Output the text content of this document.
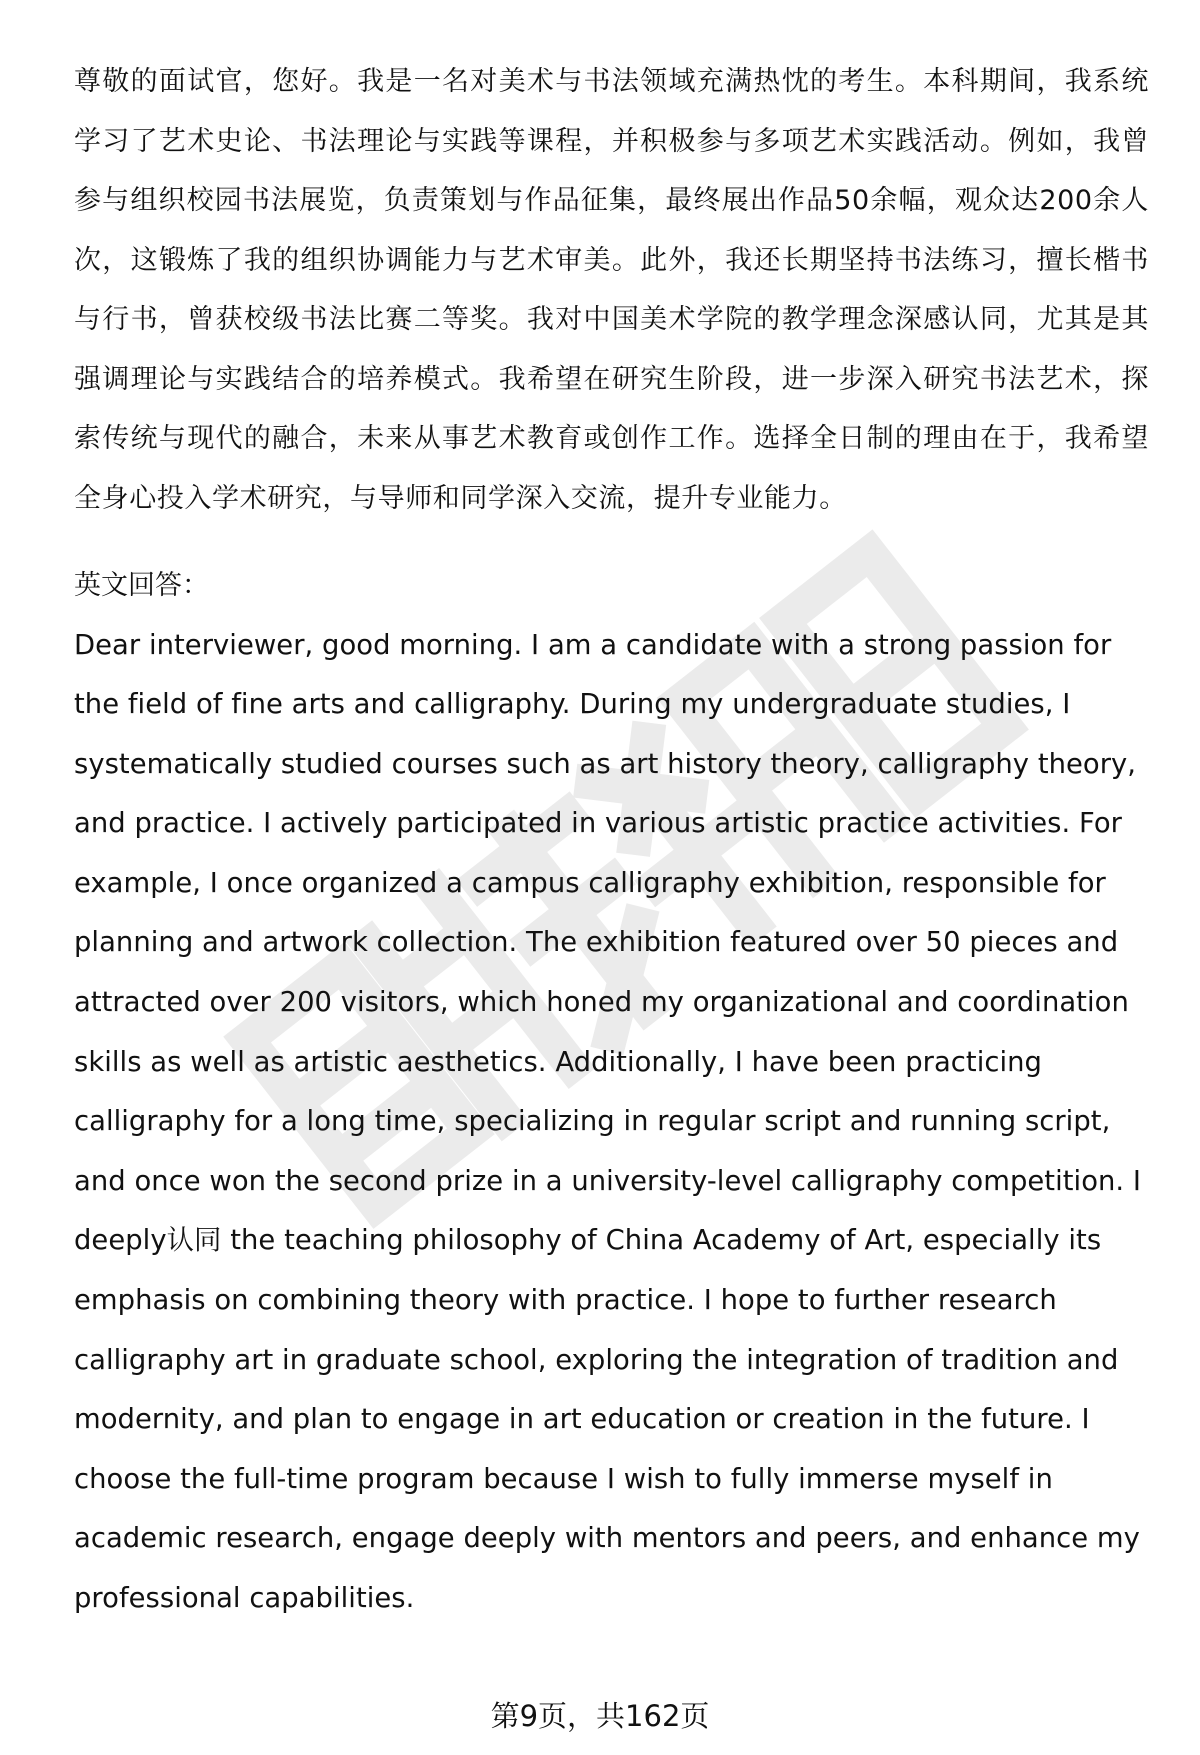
尊敬的面试官，您好。我是一名对美术与书法领域充满热忱的考生。本科期间，我系统学习了艺术史论、书法理论与实践等课程，并积极参与多项艺术实践活动。例如，我曾参与组织校园书法展览，负责策划与作品征集，最终展出作品50余幅，观众达200余人次，这锻炼了我的组织协调能力与艺术审美。此外，我还长期坚持书法练习，擅长楷书与行书，曾获校级书法比赛二等奖。我对中国美术学院的教学理念深感认同，尤其是其强调理论与实践结合的培养模式。我希望在研究生阶段，进一步深入研究书法艺术，探索传统与现代的融合，未来从事艺术教育或创作工作。选择全日制的理由在于，我希望全身心投入学术研究，与导师和同学深入交流，提升专业能力。

英文回答：

Dear interviewer, good morning. I am a candidate with a strong passion for the field of fine arts and calligraphy. During my undergraduate studies, I systematically studied courses such as art history theory, calligraphy theory, and practice. I actively participated in various artistic practice activities. For example, I once organized a campus calligraphy exhibition, responsible for planning and artwork collection. The exhibition featured over 50 pieces and attracted over 200 visitors, which honed my organizational and coordination skills as well as artistic aesthetics. Additionally, I have been practicing calligraphy for a long time, specializing in regular script and running script, and once won the second prize in a university-level calligraphy competition. I deeply认同 the teaching philosophy of China Academy of Art, especially its emphasis on combining theory with practice. I hope to further research calligraphy art in graduate school, exploring the integration of tradition and modernity, and plan to engage in art education or creation in the future. I choose the full-time program because I wish to fully immerse myself in academic research, engage deeply with mentors and peers, and enhance my professional capabilities.

第9页，共162页
